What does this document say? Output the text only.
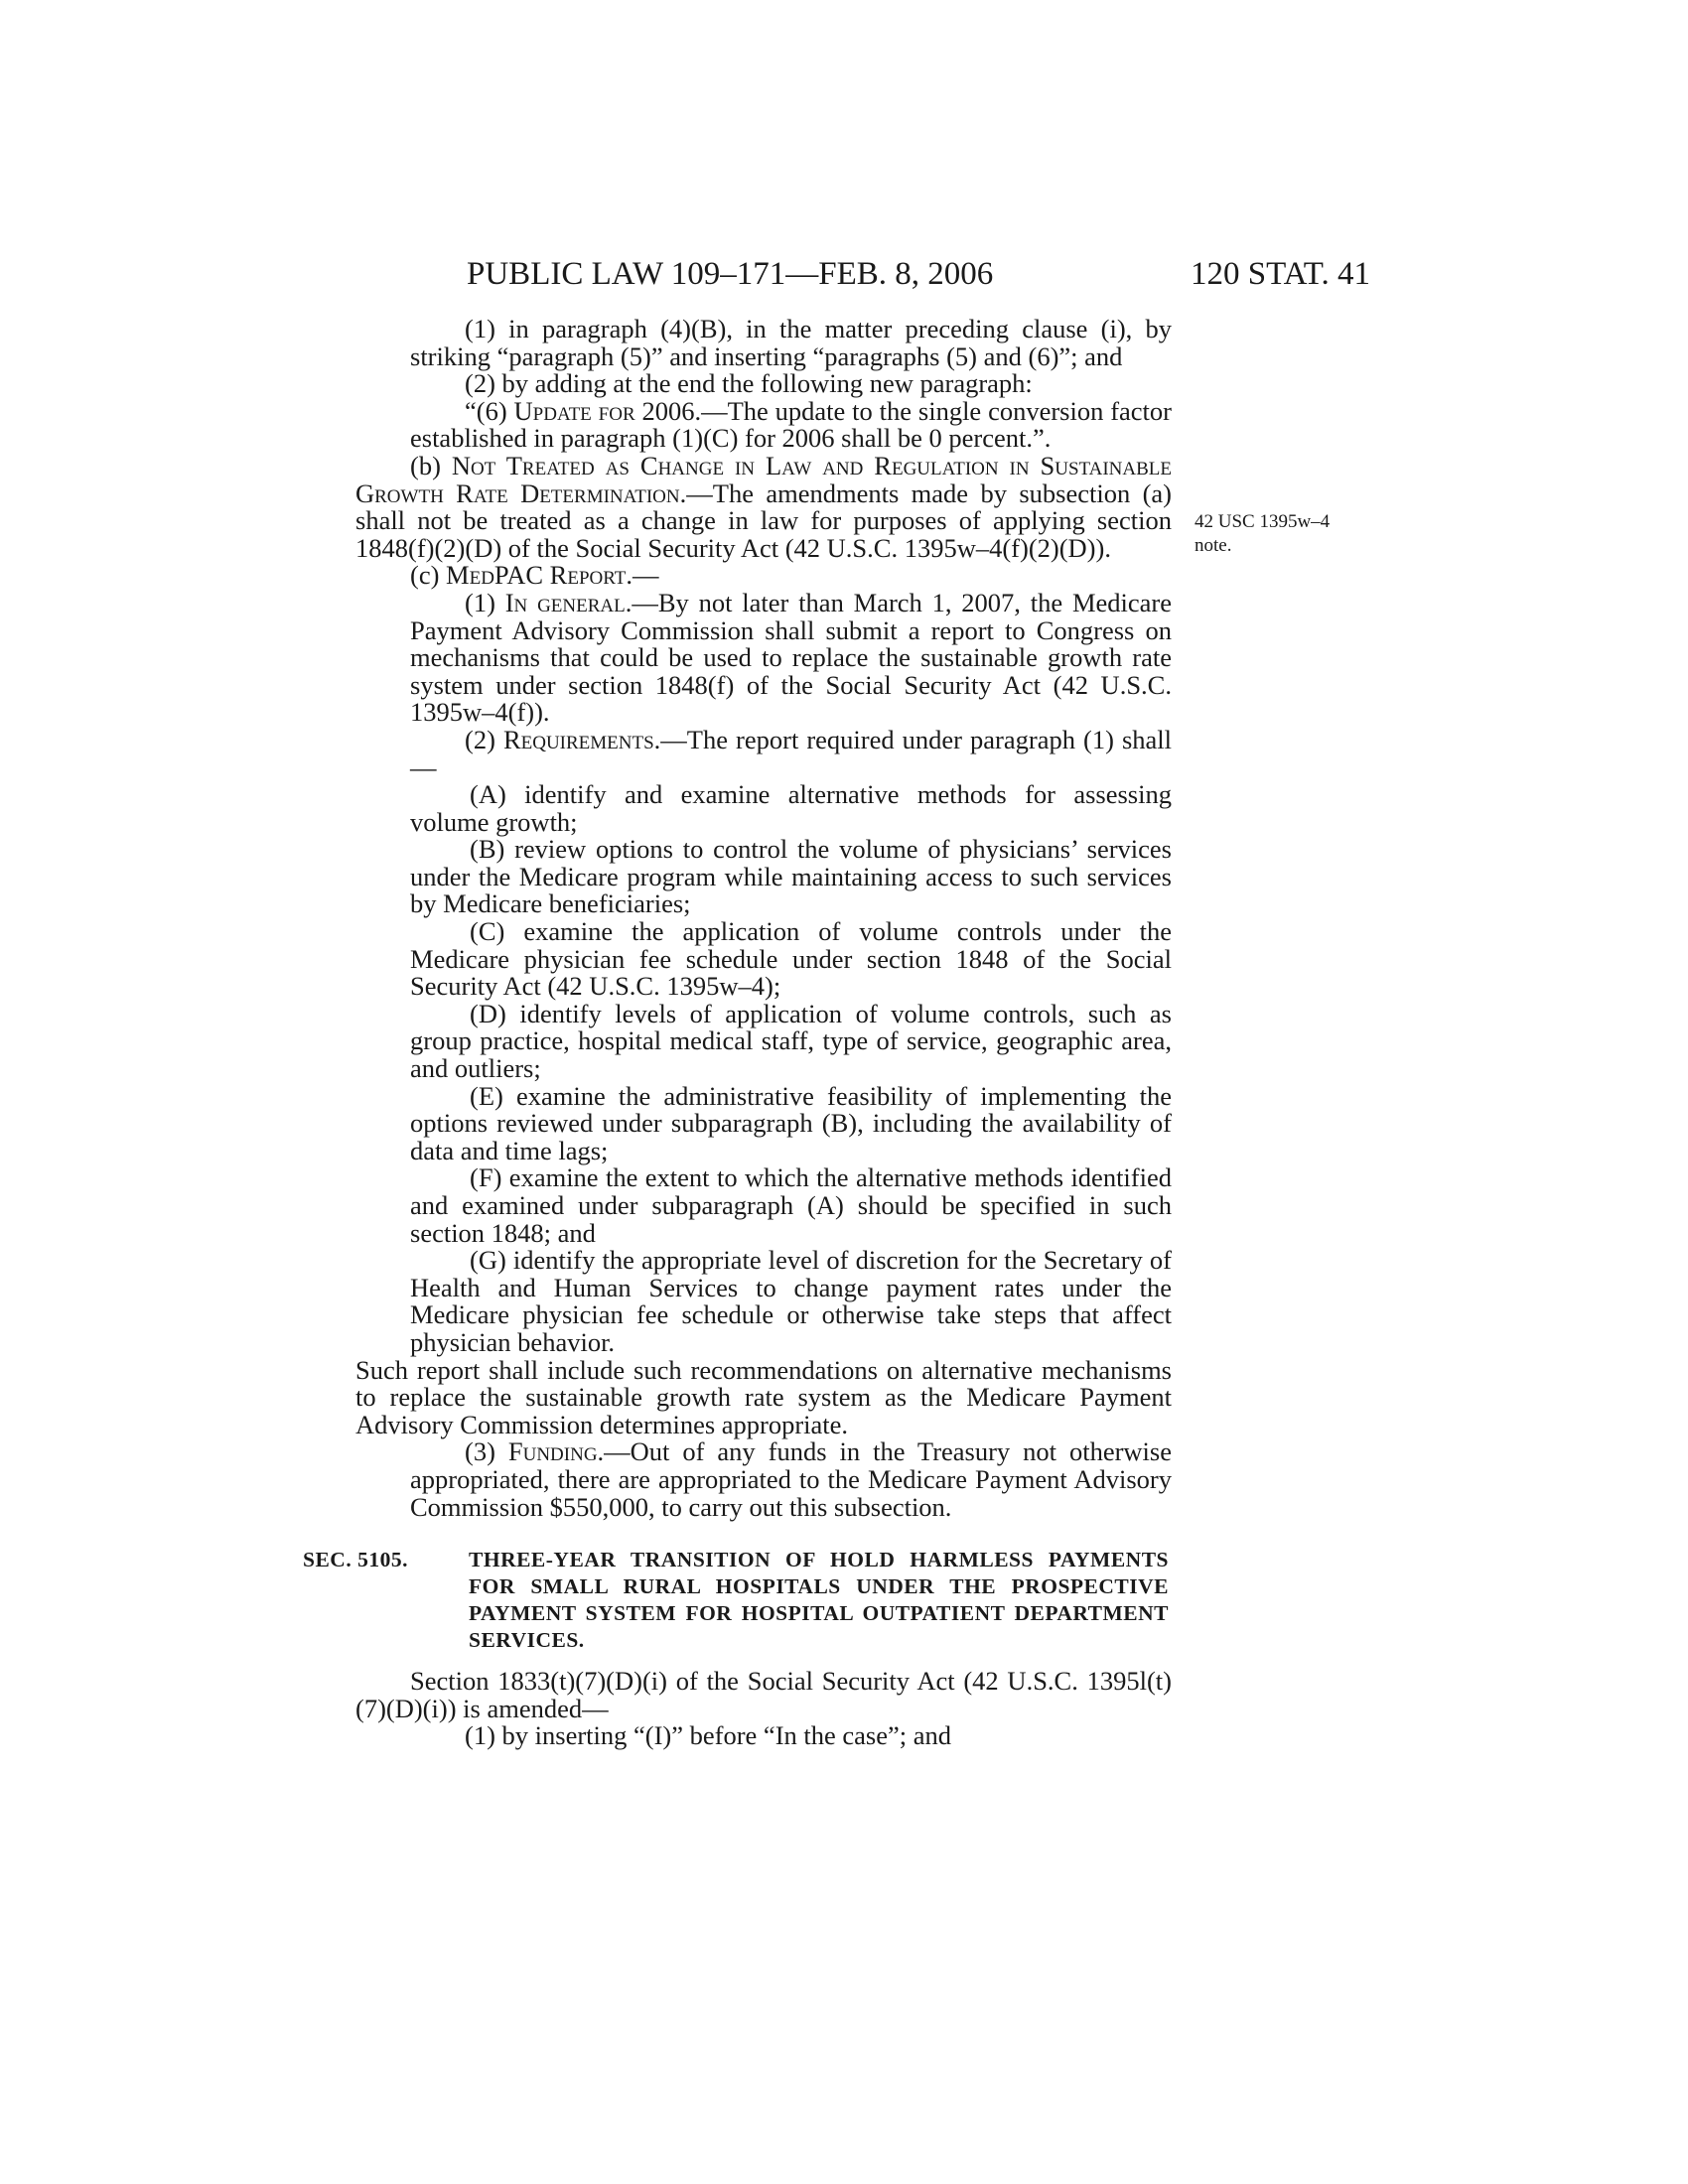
PUBLIC LAW 109–171—FEB. 8, 2006	120 STAT. 41
42 USC 1395w–4
note.

(1) in paragraph (4)(B), in the matter preceding clause (i), by striking “paragraph (5)” and inserting “paragraphs (5) and (6)”; and

(2) by adding at the end the following new paragraph:

“(6) Update for 2006.—The update to the single conversion factor established in paragraph (1)(C) for 2006 shall be 0 percent.”.

(b) Not Treated as Change in Law and Regulation in Sustainable Growth Rate Determination.—The amendments made by subsection (a) shall not be treated as a change in law for purposes of applying section 1848(f)(2)(D) of the Social Security Act (42 U.S.C. 1395w–4(f)(2)(D)).

(c) MedPAC Report.—

(1) In general.—By not later than March 1, 2007, the Medicare Payment Advisory Commission shall submit a report to Congress on mechanisms that could be used to replace the sustainable growth rate system under section 1848(f) of the Social Security Act (42 U.S.C. 1395w–4(f)).

(2) Requirements.—The report required under paragraph (1) shall—

(A) identify and examine alternative methods for assessing volume growth;

(B) review options to control the volume of physicians’ services under the Medicare program while maintaining access to such services by Medicare beneficiaries;

(C) examine the application of volume controls under the Medicare physician fee schedule under section 1848 of the Social Security Act (42 U.S.C. 1395w–4);

(D) identify levels of application of volume controls, such as group practice, hospital medical staff, type of service, geographic area, and outliers;

(E) examine the administrative feasibility of implementing the options reviewed under subparagraph (B), including the availability of data and time lags;

(F) examine the extent to which the alternative methods identified and examined under subparagraph (A) should be specified in such section 1848; and

(G) identify the appropriate level of discretion for the Secretary of Health and Human Services to change payment rates under the Medicare physician fee schedule or otherwise take steps that affect physician behavior.

Such report shall include such recommendations on alternative mechanisms to replace the sustainable growth rate system as the Medicare Payment Advisory Commission determines appropriate.

(3) Funding.—Out of any funds in the Treasury not otherwise appropriated, there are appropriated to the Medicare Payment Advisory Commission $550,000, to carry out this subsection.

SEC. 5105.	THREE-YEAR TRANSITION OF HOLD HARMLESS PAYMENTS FOR SMALL RURAL HOSPITALS UNDER THE PROSPECTIVE PAYMENT SYSTEM FOR HOSPITAL OUTPATIENT DEPARTMENT SERVICES.

Section 1833(t)(7)(D)(i) of the Social Security Act (42 U.S.C. 1395l(t)(7)(D)(i)) is amended—

(1) by inserting “(I)” before “In the case”; and
